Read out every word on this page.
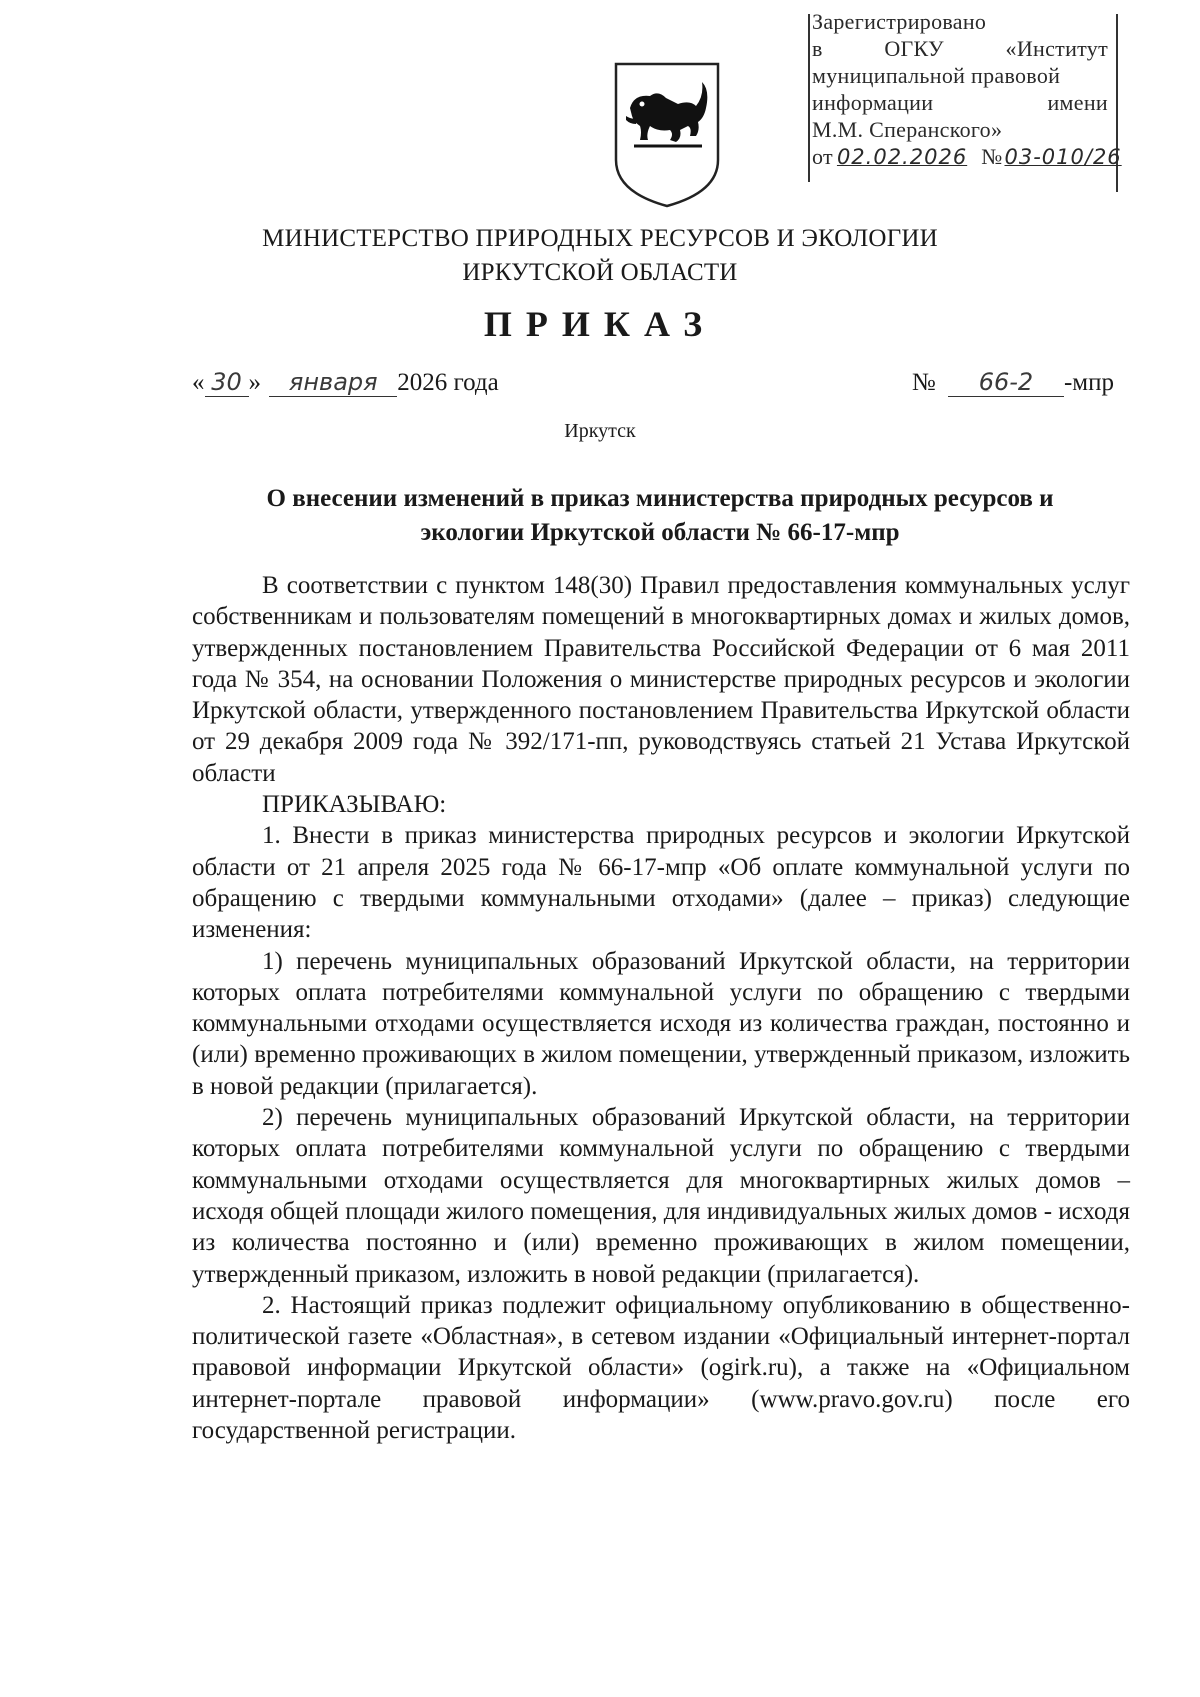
Зарегистрировано
в	ОГКУ	«Институт
муниципальной правовой
информации	имени
М.М. Сперанского»
от 02.02.2026 № 03-010/26
МИНИСТЕРСТВО ПРИРОДНЫХ РЕСУРСОВ И ЭКОЛОГИИ
ИРКУТСКОЙ ОБЛАСТИ
ПРИКАЗ
« 30 » января 2026 года	№ 66-2 -мпр
Иркутск
О внесении изменений в приказ министерства природных ресурсов и
экологии Иркутской области № 66-17-мпр

В соответствии с пунктом 148(30) Правил предоставления коммунальных услуг собственникам и пользователям помещений в многоквартирных домах и жилых домов, утвержденных постановлением Правительства Российской Федерации от 6 мая 2011 года № 354, на основании Положения о министерстве природных ресурсов и экологии Иркутской области, утвержденного постановлением Правительства Иркутской области от 29 декабря 2009 года № 392/171-пп, руководствуясь статьей 21 Устава Иркутской области

ПРИКАЗЫВАЮ:

1. Внести в приказ министерства природных ресурсов и экологии Иркутской области от 21 апреля 2025 года № 66-17-мпр «Об оплате коммунальной услуги по обращению с твердыми коммунальными отходами» (далее – приказ) следующие изменения:

1) перечень муниципальных образований Иркутской области, на территории которых оплата потребителями коммунальной услуги по обращению с твердыми коммунальными отходами осуществляется исходя из количества граждан, постоянно и (или) временно проживающих в жилом помещении, утвержденный приказом, изложить в новой редакции (прилагается).

2) перечень муниципальных образований Иркутской области, на территории которых оплата потребителями коммунальной услуги по обращению с твердыми коммунальными отходами осуществляется для многоквартирных жилых домов – исходя общей площади жилого помещения, для индивидуальных жилых домов - исходя из количества постоянно и (или) временно проживающих в жилом помещении, утвержденный приказом, изложить в новой редакции (прилагается).

2. Настоящий приказ подлежит официальному опубликованию в общественно-политической газете «Областная», в сетевом издании «Официальный интернет-портал правовой информации Иркутской области» (ogirk.ru), а также на «Официальном интернет-портале правовой информации» (www.pravo.gov.ru) после его государственной регистрации.
